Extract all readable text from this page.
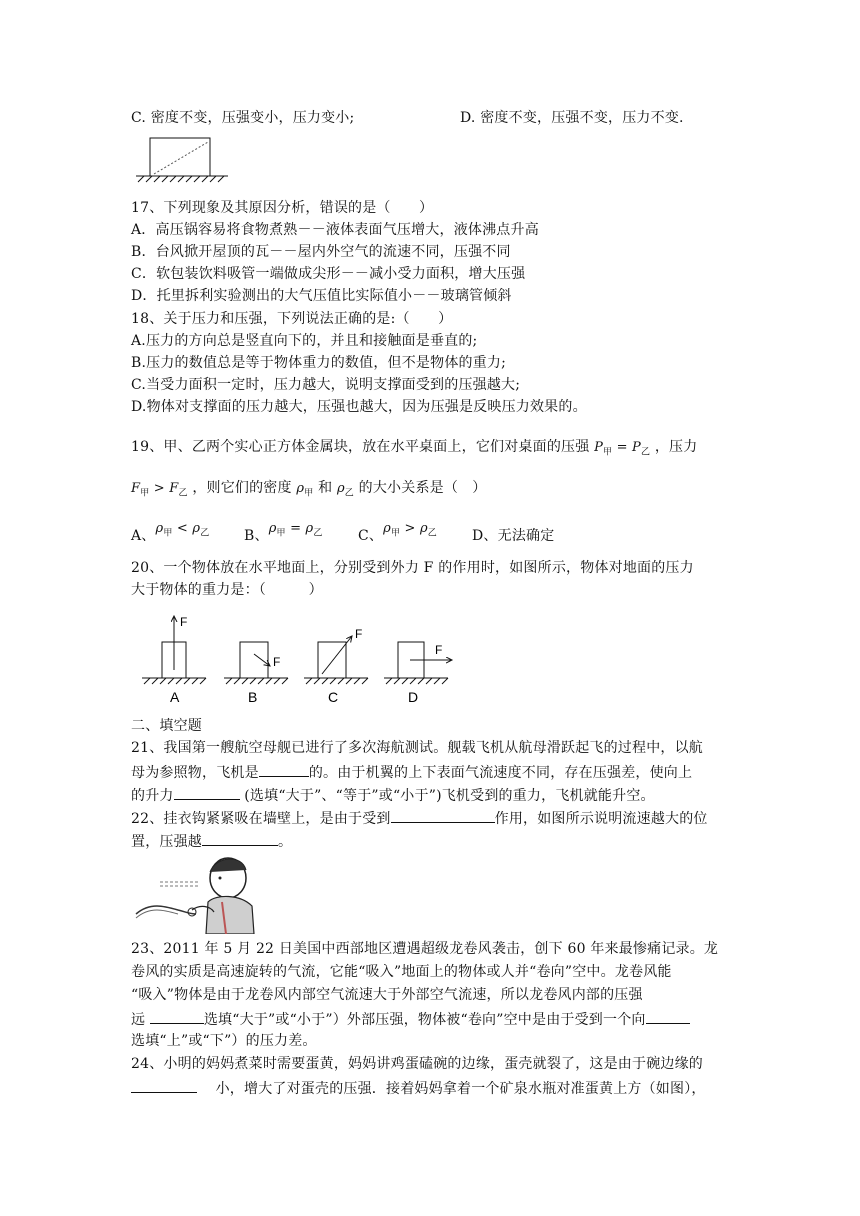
C. 密度不变，压强变小，压力变小;	D. 密度不变，压强不变，压力不变.
17、下列现象及其原因分析，错误的是（　　）
A．高压锅容易将食物煮熟－－液体表面气压增大，液体沸点升高
B．台风掀开屋顶的瓦－－屋内外空气的流速不同，压强不同
C．软包装饮料吸管一端做成尖形－－减小受力面积，增大压强
D．托里拆利实验测出的大气压值比实际值小－－玻璃管倾斜
18、关于压力和压强，下列说法正确的是:（　　）
A.压力的方向总是竖直向下的，并且和接触面是垂直的;
B.压力的数值总是等于物体重力的数值，但不是物体的重力;
C.当受力面积一定时，压力越大，说明支撑面受到的压强越大;
D.物体对支撑面的压力越大，压强也越大，因为压强是反映压力效果的。
19、甲、乙两个实心正方体金属块，放在水平桌面上，它们对桌面的压强 $P_甲 = P_乙$ ，压力
$F_甲 > F_乙$ ，则它们的密度 $\rho_甲$ 和 $\rho_乙$ 的大小关系是（　）
A、$\rho_甲 < \rho_乙$ B、$\rho_甲 = \rho_乙$	C、$\rho_甲 > \rho_乙$	D、无法确定
20、一个物体放在水平地面上，分别受到外力 F 的作用时，如图所示，物体对地面的压力
大于物体的重力是：（　　　）
F
A
F
B
F
C
F
D
二、填空题
21、我国第一艘航空母舰已进行了多次海航测试。舰载飞机从航母滑跃起飞的过程中，以航
母为参照物，飞机是	的。由于机翼的上下表面气流速度不同，存在压强差，使向上
的升力	(选填“大于”、“等于”或“小于”)飞机受到的重力，飞机就能升空。
22、挂衣钩紧紧吸在墙壁上，是由于受到	作用，如图所示说明流速越大的位
置，压强越	。
23、2011 年 5 月 22 日美国中西部地区遭遇超级龙卷风袭击，创下 60 年来最惨痛记录。龙
卷风的实质是高速旋转的气流，它能“吸入”地面上的物体或人并“卷向”空中。龙卷风能
“吸入”物体是由于龙卷风内部空气流速大于外部空气流速，所以龙卷风内部的压强
远	选填“大于”或“小于”）外部压强，物体被“卷向”空中是由于受到一个向
选填“上”或“下”）的压力差。
24、小明的妈妈煮菜时需要蛋黄，妈妈讲鸡蛋磕碗的边缘，蛋壳就裂了，这是由于碗边缘的
小，增大了对蛋壳的压强．接着妈妈拿着一个矿泉水瓶对准蛋黄上方（如图），
